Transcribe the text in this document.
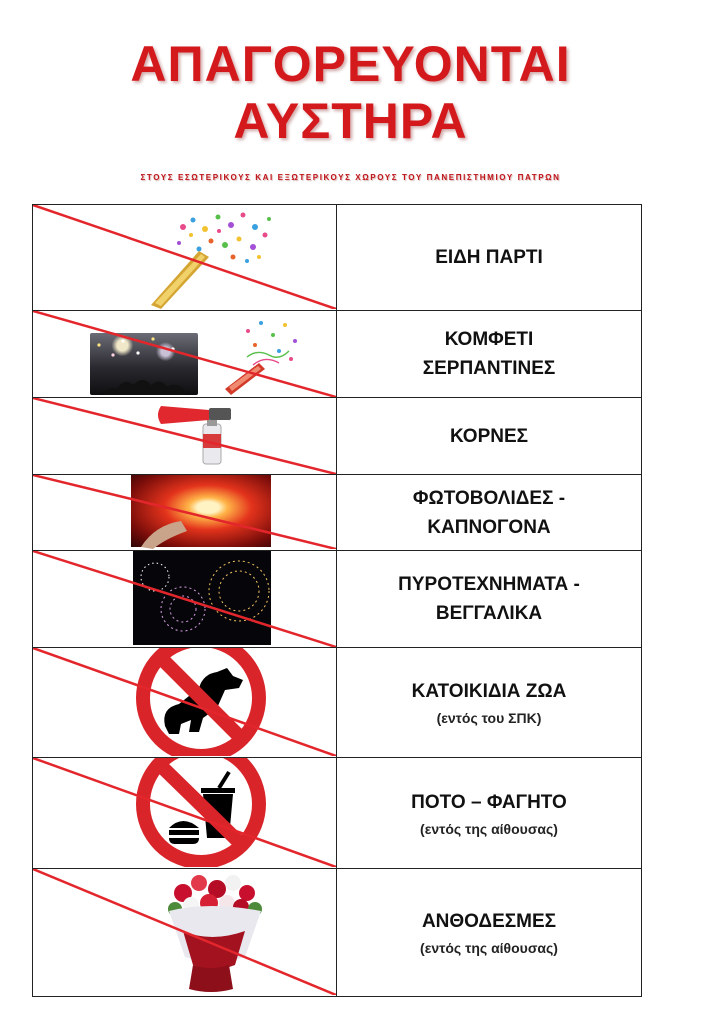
ΑΠΑΓΟΡΕΥΟΝΤΑΙ
ΑΥΣΤΗΡΑ
ΣΤΟΥΣ ΕΣΩΤΕΡΙΚΟΥΣ ΚΑΙ ΕΞΩΤΕΡΙΚΟΥΣ ΧΩΡΟΥΣ ΤΟΥ ΠΑΝΕΠΙΣΤΗΜΙΟΥ ΠΑΤΡΩΝ

ΕΙΔΗ ΠΑΡΤΙ

ΚΟΜΦΕΤΙ
ΣΕΡΠΑΝΤΙΝΕΣ

ΚΟΡΝΕΣ

ΦΩΤΟΒΟΛΙΔΕΣ -
ΚΑΠΝΟΓΟΝΑ

ΠΥΡΟΤΕΧΝΗΜΑΤΑ -
ΒΕΓΓΑΛΙΚΑ

ΚΑΤΟΙΚΙΔΙΑ ΖΩΑ
(εντός του ΣΠΚ)

ΠΟΤΟ – ΦΑΓΗΤΟ
(εντός της αίθουσας)

ΑΝΘΟΔΕΣΜΕΣ
(εντός της αίθουσας)
